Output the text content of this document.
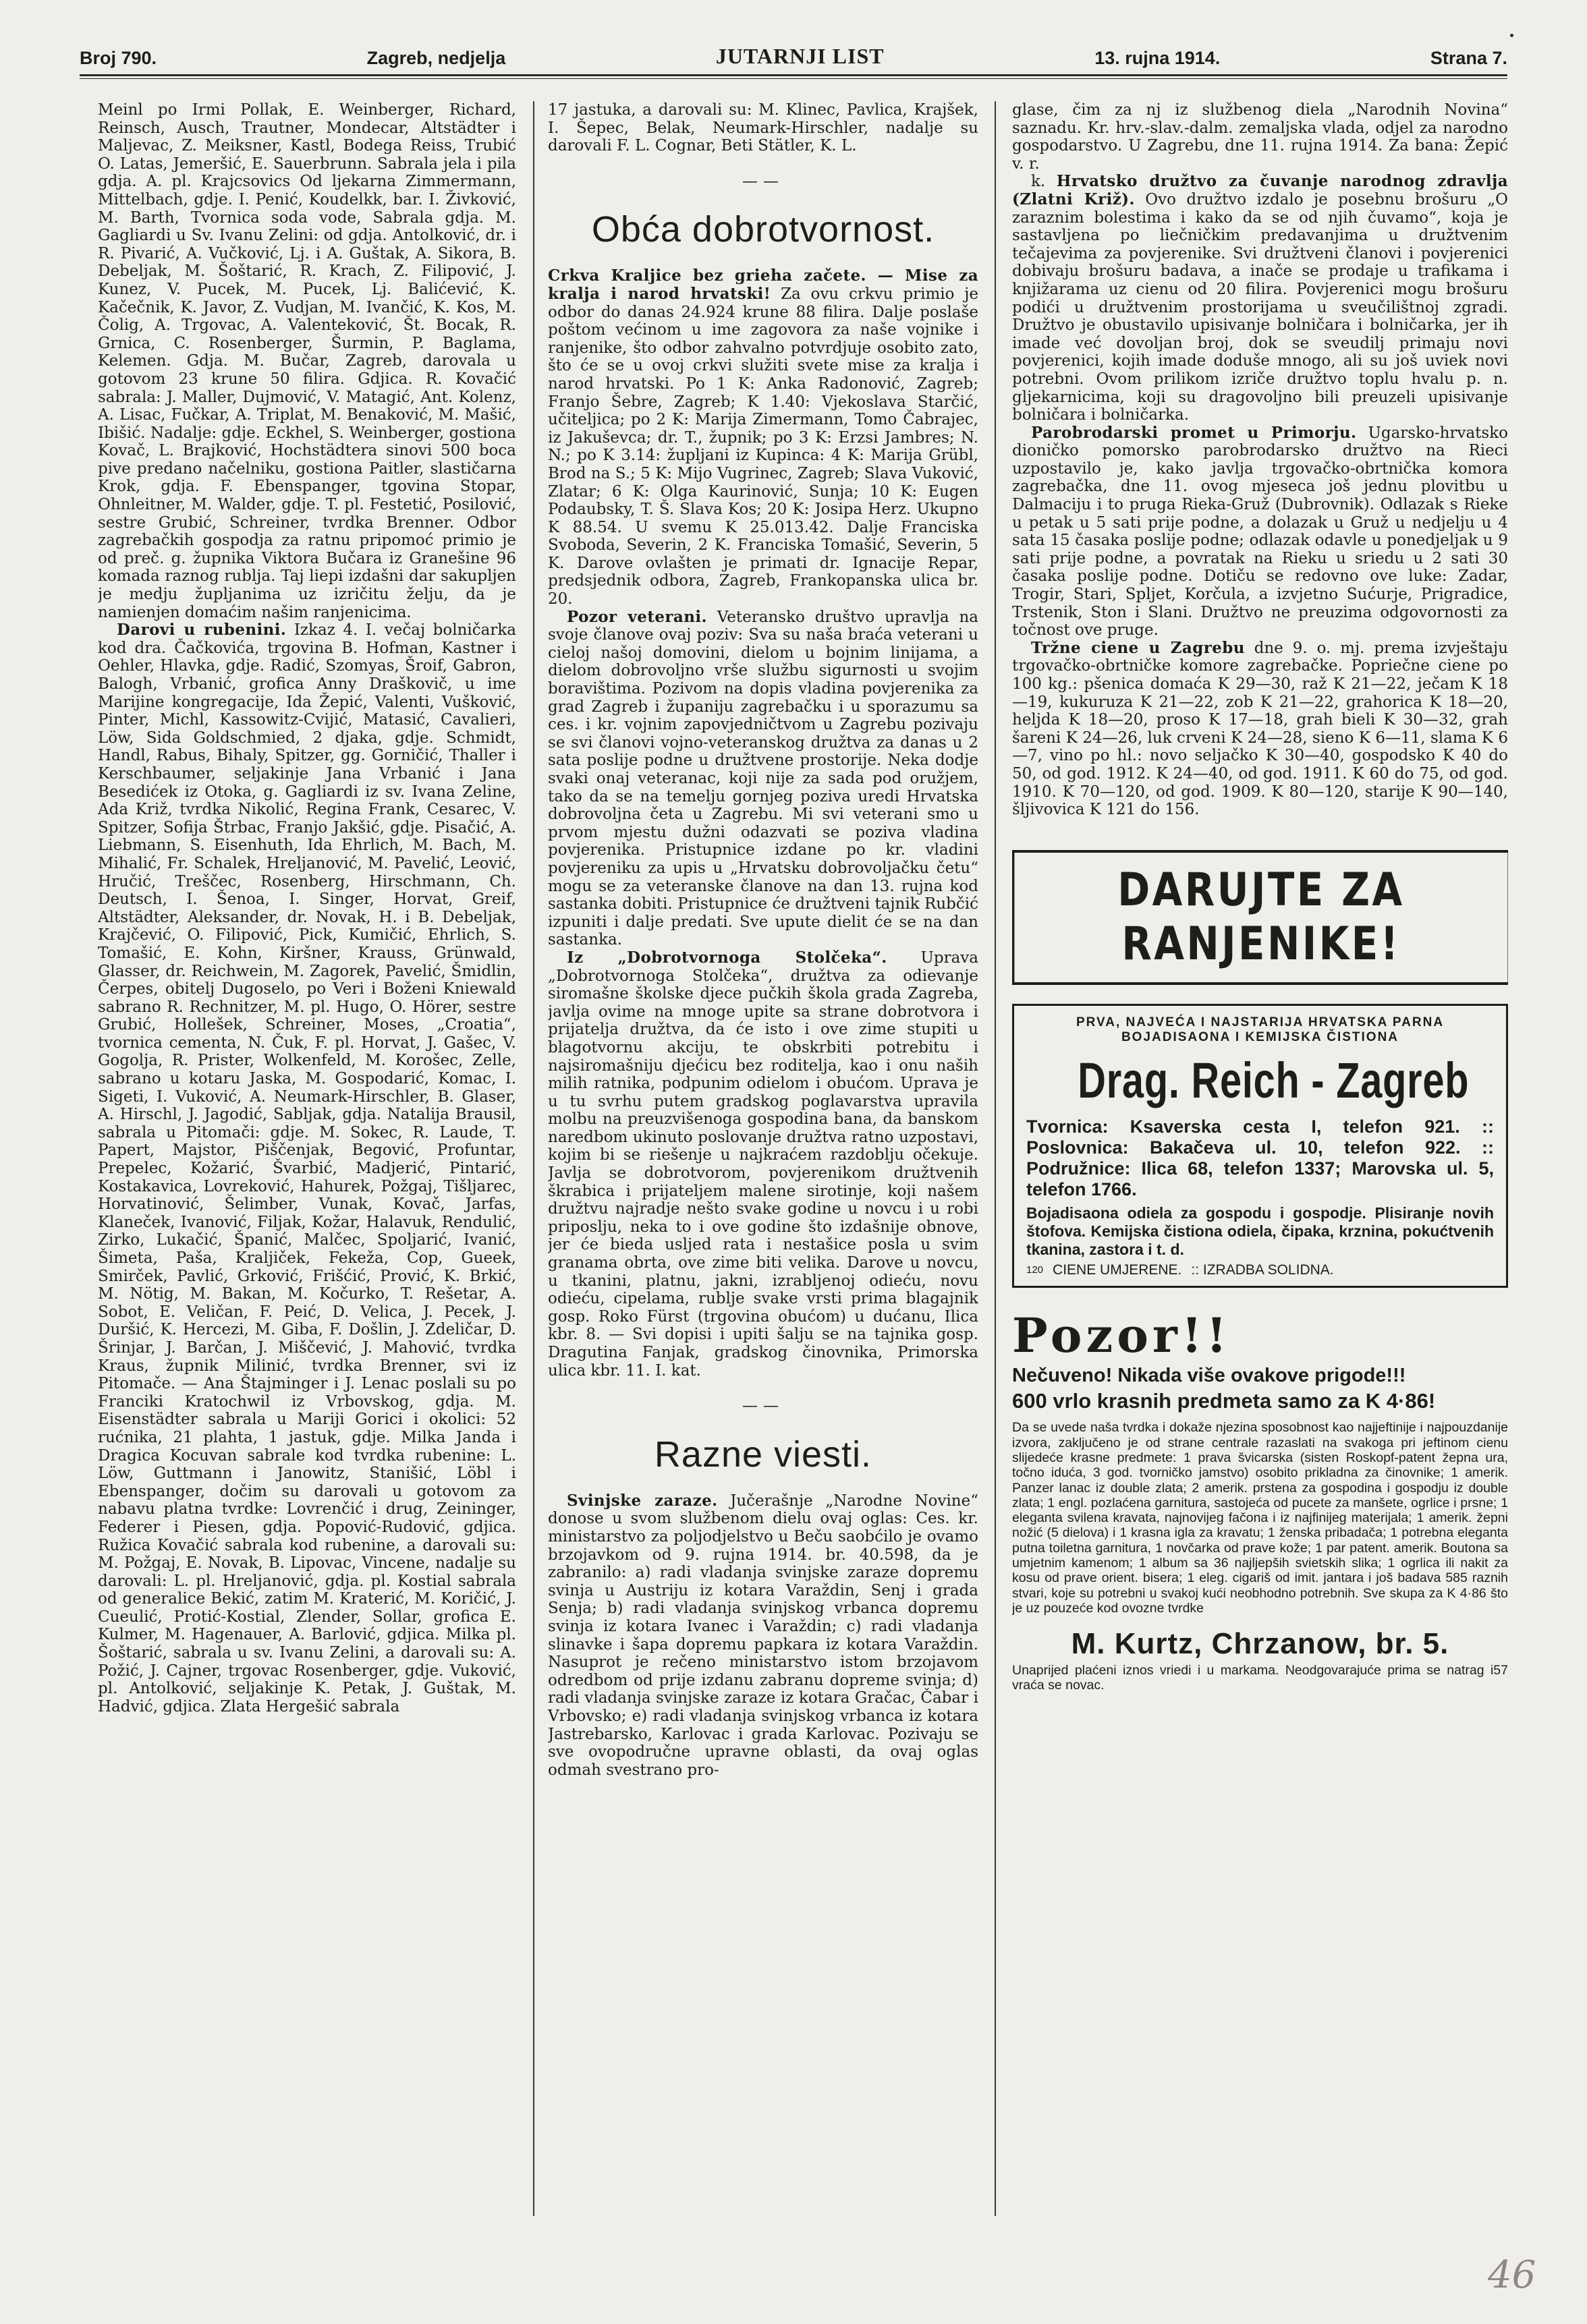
Broj 790.	Zagreb, nedjelja	JUTARNJI LIST	13. rujna 1914.	Strana 7.

Meinl po Irmi Pollak, E. Weinberger, Richard, Reinsch, Ausch, Trautner, Mondecar, Altstädter i Maljevac, Z. Meiksner, Kastl, Bodega Reiss, Trubić O. Latas, Jemeršić, E. Sauerbrunn. Sabrala jela i pila gdja. A. pl. Krajcsovics Od ljekarna Zimmermann, Mittelbach, gdje. I. Penić, Koudelkk, bar. I. Živković, M. Barth, Tvornica soda vode, Sabrala gdja. M. Gagliardi u Sv. Ivanu Zelini: od gdja. Antolković, dr. i R. Pivarić, A. Vučković, Lj. i A. Guštak, A. Sikora, B. Debeljak, M. Šoštarić, R. Krach, Z. Filipović, J. Kunez, V. Pucek, M. Pucek, Lj. Balićević, K. Kačečnik, K. Javor, Z. Vudjan, M. Ivančić, K. Kos, M. Čolig, A. Trgovac, A. Valenteković, Št. Bocak, R. Grnica, C. Rosenberger, Šurmin, P. Baglama, Kelemen. Gdja. M. Bučar, Zagreb, darovala u gotovom 23 krune 50 filira. Gdjica. R. Kovačić sabrala: J. Maller, Dujmović, V. Matagić, Ant. Kolenz, A. Lisac, Fučkar, A. Triplat, M. Benaković, M. Mašić, Ibišić. Nadalje: gdje. Eckhel, S. Weinberger, gostiona Kovač, L. Brajković, Hochstädtera sinovi 500 boca pive predano načelniku, gostiona Paitler, slastičarna Krok, gdja. F. Ebenspanger, tgovina Stopar, Ohnleitner, M. Walder, gdje. T. pl. Festetić, Posilović, sestre Grubić, Schreiner, tvrdka Brenner. Odbor zagrebačkih gospodja za ratnu pripomoć primio je od preč. g. župnika Viktora Bučara iz Granešine 96 komada raznog rublja. Taj liepi izdašni dar sakupljen je medju župljanima uz izričitu želju, da je namienjen domaćim našim ranjenicima.

Darovi u rubenini. Izkaz 4. I. večaj bolničarka kod dra. Čačkovića, trgovina B. Hofman, Kastner i Oehler, Hlavka, gdje. Radić, Szomyas, Šroif, Gabron, Balogh, Vrbanić, grofica Anny Draškovič, u ime Marijine kongregacije, Ida Žepić, Valenti, Vušković, Pinter, Michl, Kassowitz-Cvijić, Matasić, Cavalieri, Löw, Sida Goldschmied, 2 djaka, gdje. Schmidt, Handl, Rabus, Bihaly, Spitzer, gg. Gorničić, Thaller i Kerschbaumer, seljakinje Jana Vrbanić i Jana Besedićek iz Otoka, g. Gagliardi iz sv. Ivana Zeline, Ada Križ, tvrdka Nikolić, Regina Frank, Cesarec, V. Spitzer, Sofija Štrbac, Franjo Jakšić, gdje. Pisačić, A. Liebmann, S. Eisenhuth, Ida Ehrlich, M. Bach, M. Mihalić, Fr. Schalek, Hreljanović, M. Pavelić, Leović, Hručić, Treščec, Rosenberg, Hirschmann, Ch. Deutsch, I. Šenoa, I. Singer, Horvat, Greif, Altstädter, Aleksander, dr. Novak, H. i B. Debeljak, Krajčević, O. Filipović, Pick, Kumičić, Ehrlich, S. Tomašić, E. Kohn, Kiršner, Krauss, Grünwald, Glasser, dr. Reichwein, M. Zagorek, Pavelić, Šmidlin, Čerpes, obitelj Dugoselo, po Veri i Boženi Kniewald sabrano R. Rechnitzer, M. pl. Hugo, O. Hörer, sestre Grubić, Hollešek, Schreiner, Moses, „Croatia“, tvornica cementa, N. Čuk, F. pl. Horvat, J. Gašec, V. Gogolja, R. Prister, Wolkenfeld, M. Korošec, Zelle, sabrano u kotaru Jaska, M. Gospodarić, Komac, I. Sigeti, I. Vuković, A. Neumark-Hirschler, B. Glaser, A. Hirschl, J. Jagodić, Sabljak, gdja. Natalija Brausil, sabrala u Pitomači: gdje. M. Sokec, R. Laude, T. Papert, Majstor, Piščenjak, Begović, Profuntar, Prepelec, Kožarić, Švarbić, Madjerić, Pintarić, Kostakavica, Lovreković, Hahurek, Požgaj, Tišljarec, Horvatinović, Šelimber, Vunak, Kovač, Jarfas, Klaneček, Ivanović, Filjak, Kožar, Halavuk, Rendulić, Zirko, Lukačić, Španić, Malčec, Spoljarić, Ivanić, Šimeta, Paša, Kraljiček, Fekeža, Cop, Gueek, Smirček, Pavlić, Grković, Frišćić, Prović, K. Brkić, M. Nötig, M. Bakan, M. Kočurko, T. Rešetar, A. Sobot, E. Veličan, F. Peić, D. Velica, J. Pecek, J. Duršić, K. Hercezi, M. Giba, F. Došlin, J. Zdeličar, D. Šrinjar, J. Barčan, J. Miščević, J. Mahović, tvrdka Kraus, župnik Milinić, tvrdka Brenner, svi iz Pitomače. — Ana Štajminger i J. Lenac poslali su po Franciki Kratochwil iz Vrbovskog, gdja. M. Eisenstädter sabrala u Mariji Gorici i okolici: 52 rućnika, 21 plahta, 1 jastuk, gdje. Milka Janda i Dragica Kocuvan sabrale kod tvrdka rubenine: L. Löw, Guttmann i Janowitz, Stanišić, Löbl i Ebenspanger, dočim su darovali u gotovom za nabavu platna tvrdke: Lovrenčić i drug, Zeininger, Federer i Piesen, gdja. Popović-Rudović, gdjica. Ružica Kovačić sabrala kod rubenine, a darovali su: M. Požgaj, E. Novak, B. Lipovac, Vincene, nadalje su darovali: L. pl. Hreljanović, gdja. pl. Kostial sabrala od generalice Bekić, zatim M. Kraterić, M. Koričić, J. Cueulić, Protić-Kostial, Zlender, Sollar, grofica E. Kulmer, M. Hagenauer, A. Barlović, gdjica. Milka pl. Šoštarić, sabrala u sv. Ivanu Zelini, a darovali su: A. Požić, J. Cajner, trgovac Rosenberger, gdje. Vuković, pl. Antolković, seljakinje K. Petak, J. Guštak, M. Hadvić, gdjica. Zlata Hergešić sabrala

17 jastuka, a darovali su: M. Klinec, Pavlica, Krajšek, I. Šepec, Belak, Neumark-Hirschler, nadalje su darovali F. L. Cognar, Beti Stätler, K. L.

——
Obća dobrotvornost.

Crkva Kraljice bez grieha začete. — Mise za kralja i narod hrvatski! Za ovu crkvu primio je odbor do danas 24.924 krune 88 filira. Dalje poslaše poštom većinom u ime zagovora za naše vojnike i ranjenike, što odbor zahvalno potvrdjuje osobito zato, što će se u ovoj crkvi služiti svete mise za kralja i narod hrvatski. Po 1 K: Anka Radonović, Zagreb; Franjo Šebre, Zagreb; K 1.40: Vjekoslava Starčić, učiteljica; po 2 K: Marija Zimermann, Tomo Čabrajec, iz Jakuševca; dr. T., župnik; po 3 K: Erzsi Jambres; N. N.; po K 3.14: župljani iz Kupinca: 4 K: Marija Grübl, Brod na S.; 5 K: Mijo Vugrinec, Zagreb; Slava Vuković, Zlatar; 6 K: Olga Kaurinović, Sunja; 10 K: Eugen Podaubsky, T. Š. Slava Kos; 20 K: Josipa Herz. Ukupno K 88.54. U svemu K 25.013.42. Dalje Franciska Svoboda, Severin, 2 K. Franciska Tomašić, Severin, 5 K. Darove ovlašten je primati dr. Ignacije Repar, predsjednik odbora, Zagreb, Frankopanska ulica br. 20.

Pozor veterani. Veteransko društvo upravlja na svoje članove ovaj poziv: Sva su naša braća veterani u cieloj našoj domovini, dielom u bojnim linijama, a dielom dobrovoljno vrše službu sigurnosti u svojim boravištima. Pozivom na dopis vladina povjerenika za grad Zagreb i županiju zagrebačku i u sporazumu sa ces. i kr. vojnim zapovjedničtvom u Zagrebu pozivaju se svi članovi vojno-veteranskog družtva za danas u 2 sata poslije podne u družtvene prostorije. Neka dodje svaki onaj veteranac, koji nije za sada pod oružjem, tako da se na temelju gornjeg poziva uredi Hrvatska dobrovoljna četa u Zagrebu. Mi svi veterani smo u prvom mjestu dužni odazvati se poziva vladina povjerenika. Pristupnice izdane po kr. vladini povjereniku za upis u „Hrvatsku dobrovoljačku četu“ mogu se za veteranske članove na dan 13. rujna kod sastanka dobiti. Pristupnice će družtveni tajnik Rubčić izpuniti i dalje predati. Sve upute dielit će se na dan sastanka.

Iz „Dobrotvornoga Stolčeka“. Uprava „Dobrotvornoga Stolčeka“, družtva za odievanje siromašne školske djece pučkih škola grada Zagreba, javlja ovime na mnoge upite sa strane dobrotvora i prijatelja družtva, da će isto i ove zime stupiti u blagotvornu akciju, te obskrbiti potrebitu i najsiromašniju djećicu bez roditelja, kao i onu naših milih ratnika, podpunim odielom i obućom. Uprava je u tu svrhu putem gradskog poglavarstva upravila molbu na preuzvišenoga gospodina bana, da banskom naredbom ukinuto poslovanje družtva ratno uzpostavi, kojim bi se riešenje u najkraćem razdoblju očekuje. Javlja se dobrotvorom, povjerenikom družtvenih škrabica i prijateljem malene sirotinje, koji našem družtvu najradje nešto svake godine u novcu i u robi priposlju, neka to i ove godine što izdašnije obnove, jer će bieda usljed rata i nestašice posla u svim granama obrta, ove zime biti velika. Darove u novcu, u tkanini, platnu, jakni, izrabljenoj odieću, novu odieću, cipelama, rublje svake vrsti prima blagajnik gosp. Roko Fürst (trgovina obućom) u dućanu, Ilica kbr. 8. — Svi dopisi i upiti šalju se na tajnika gosp. Dragutina Fanjak, gradskog činovnika, Primorska ulica kbr. 11. I. kat.

——
Razne viesti.

Svinjske zaraze. Jučerašnje „Narodne Novine“ donose u svom službenom dielu ovaj oglas: Ces. kr. ministarstvo za poljodjelstvo u Beču saobćilo je ovamo brzojavkom od 9. rujna 1914. br. 40.598, da je zabranilo: a) radi vladanja svinjske zaraze dopremu svinja u Austriju iz kotara Varaždin, Senj i grada Senja; b) radi vladanja svinjskog vrbanca dopremu svinja iz kotara Ivanec i Varaždin; c) radi vladanja slinavke i šapa dopremu papkara iz kotara Varaždin. Nasuprot je rečeno ministarstvo istom brzojavom odredbom od prije izdanu zabranu dopreme svinja; d) radi vladanja svinjske zaraze iz kotara Gračac, Čabar i Vrbovsko; e) radi vladanja svinjskog vrbanca iz kotara Jastrebarsko, Karlovac i grada Karlovac. Pozivaju se sve ovopodručne upravne oblasti, da ovaj oglas odmah svestrano pro-

glase, čim za nj iz službenog diela „Narodnih Novina“ saznadu. Kr. hrv.-slav.-dalm. zemaljska vlada, odjel za narodno gospodarstvo. U Zagrebu, dne 11. rujna 1914. Za bana: Žepić v. r.

k. Hrvatsko družtvo za čuvanje narodnog zdravlja (Zlatni Križ). Ovo družtvo izdalo je posebnu brošuru „O zaraznim bolestima i kako da se od njih čuvamo“, koja je sastavljena po liečničkim predavanjima u družtvenim tečajevima za povjerenike. Svi družtveni članovi i povjerenici dobivaju brošuru badava, a inače se prodaje u trafikama i knjižarama uz cienu od 20 filira. Povjerenici mogu brošuru podići u družtvenim prostorijama u sveučilištnoj zgradi. Družtvo je obustavilo upisivanje bolničara i bolničarka, jer ih imade već dovoljan broj, dok se sveudilj primaju novi povjerenici, kojih imade doduše mnogo, ali su još uviek novi potrebni. Ovom prilikom izriče družtvo toplu hvalu p. n. gljekarnicima, koji su dragovoljno bili preuzeli upisivanje bolničara i bolničarka.

Parobrodarski promet u Primorju. Ugarsko-hrvatsko dioničko pomorsko parobrodarsko družtvo na Rieci uzpostavilo je, kako javlja trgovačko-obrtnička komora zagrebačka, dne 11. ovog mjeseca još jednu plovitbu u Dalmaciju i to pruga Rieka-Gruž (Dubrovnik). Odlazak s Rieke u petak u 5 sati prije podne, a dolazak u Gruž u nedjelju u 4 sata 15 časaka poslije podne; odlazak odavle u ponedjeljak u 9 sati prije podne, a povratak na Rieku u sriedu u 2 sati 30 časaka poslije podne. Dotiču se redovno ove luke: Zadar, Trogir, Stari, Spljet, Korčula, a izvjetno Sućurje, Prigradice, Trstenik, Ston i Slani. Družtvo ne preuzima odgovornosti za točnost ove pruge.

Tržne ciene u Zagrebu dne 9. o. mj. prema izvještaju trgovačko-obrtničke komore zagrebačke. Popriečne ciene po 100 kg.: pšenica domaća K 29—30, raž K 21—22, ječam K 18—19, kukuruza K 21—22, zob K 21—22, grahorica K 18—20, heljda K 18—20, proso K 17—18, grah bieli K 30—32, grah šareni K 24—26, luk crveni K 24—28, sieno K 6—11, slama K 6—7, vino po hl.: novo seljačko K 30—40, gospodsko K 40 do 50, od god. 1912. K 24—40, od god. 1911. K 60 do 75, od god. 1910. K 70—120, od god. 1909. K 80—120, starije K 90—140, šljivovica K 121 do 156.

DARUJTE ZA RANJENIKE!
PRVA, NAJVEĆA I NAJSTARIJA HRVATSKA PARNA BOJADISAONA I KEMIJSKA ČISTIONA
Drag. Reich - Zagreb
Tvornica: Ksaverska cesta I, telefon 921. :: Poslovnica: Bakačeva ul. 10, telefon 922. :: Podružnice: Ilica 68, telefon 1337; Marovska ul. 5, telefon 1766.
Bojadisaona odiela za gospodu i gospodje. Plisiranje novih štofova. Kemijska čistiona odiela, čipaka, krznina, pokućtvenih tkanina, zastora i t. d.
120 CIENE UMJERENE. :: IZRADBA SOLIDNA.
Pozor!!
Nečuveno! Nikada više ovakove prigode!!!
600 vrlo krasnih predmeta samo za K 4·86!
Da se uvede naša tvrdka i dokaže njezina sposobnost kao najjeftinije i najpouzdanije izvora, zaključeno je od strane centrale razaslati na svakoga pri jeftinom cienu slijedeće krasne predmete: 1 prava švicarska (sisten Roskopf-patent žepna ura, točno iduća, 3 god. tvorničko jamstvo) osobito prikladna za činovnike; 1 amerik. Panzer lanac iz double zlata; 2 amerik. prstena za gospodina i gospodju iz double zlata; 1 engl. pozlaćena garnitura, sastojeća od pucete za manšete, ogrlice i prsne; 1 eleganta svilena kravata, najnovijeg fačona i iz najfinijeg materijala; 1 amerik. žepni nožić (5 dielova) i 1 krasna igla za kravatu; 1 ženska pribadača; 1 potrebna eleganta putna toiletna garnitura, 1 novčarka od prave kože; 1 par patent. amerik. Boutona sa umjetnim kamenom; 1 album sa 36 najljepših svietskih slika; 1 ogrlica ili nakit za kosu od prave orient. bisera; 1 eleg. cigariš od imit. jantara i još badava 585 raznih stvari, koje su potrebni u svakoj kući neobhodno potrebnih. Sve skupa za K 4·86 što je uz pouzeće kod ovozne tvrdke
M. Kurtz, Chrzanow, br. 5.
Unaprijed plaćeni iznos vriedi i u markama. Neodgovarajuće prima se natrag i vraća se novac.
57
46
